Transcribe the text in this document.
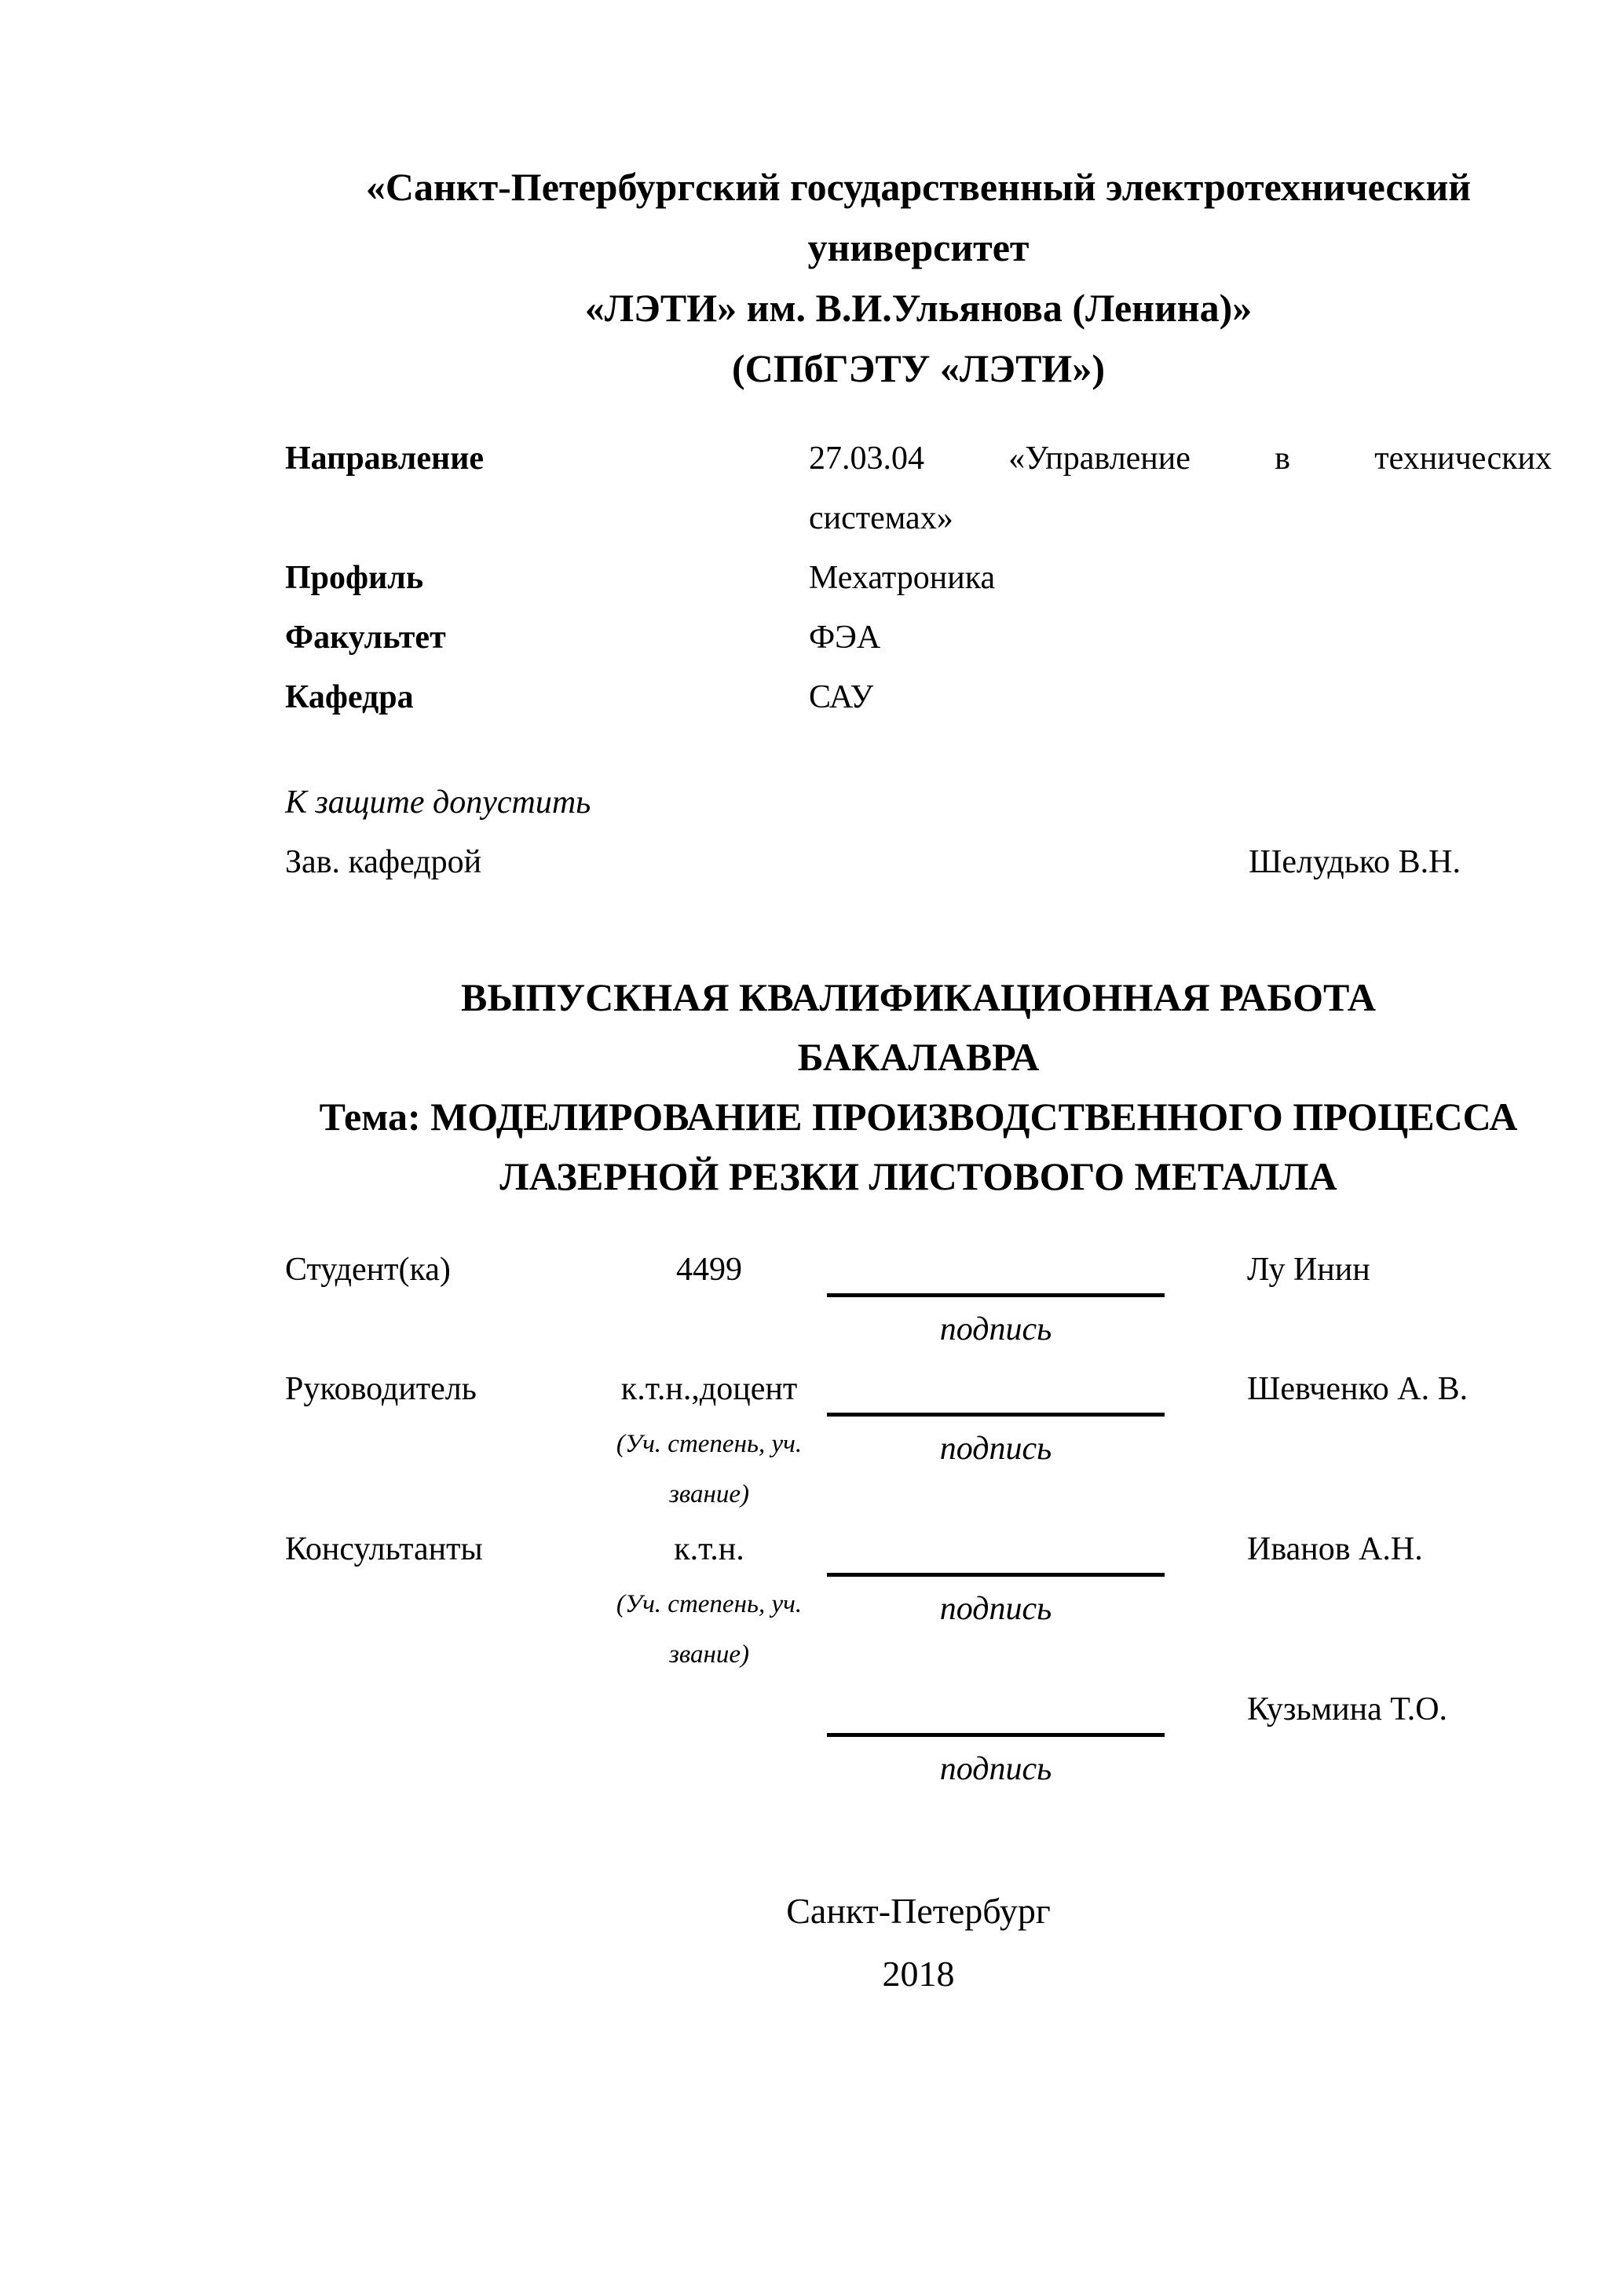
«Санкт-Петербургский государственный электротехнический
университет
«ЛЭТИ» им. В.И.Ульянова (Ленина)»
(СПбГЭТУ «ЛЭТИ»)
Направление	27.03.04 «Управление в технических
системах»
Профиль	Мехатроника
Факультет	ФЭА
Кафедра	САУ
К защите допустить
Зав. кафедрой	Шелудько В.Н.
ВЫПУСКНАЯ КВАЛИФИКАЦИОННАЯ РАБОТА
БАКАЛАВРА
Тема: МОДЕЛИРОВАНИЕ ПРОИЗВОДСТВЕННОГО ПРОЦЕССА
ЛАЗЕРНОЙ РЕЗКИ ЛИСТОВОГО МЕТАЛЛА
Студент(ка)	4499	Лу Инин
подпись
Руководитель	к.т.н.,доцент	Шевченко А. В.
(Уч. степень, уч.
звание)
подпись
Консультанты	к.т.н.	Иванов А.Н.
(Уч. степень, уч.
звание)
подпись
Кузьмина Т.О.
подпись
Санкт-Петербург
2018
